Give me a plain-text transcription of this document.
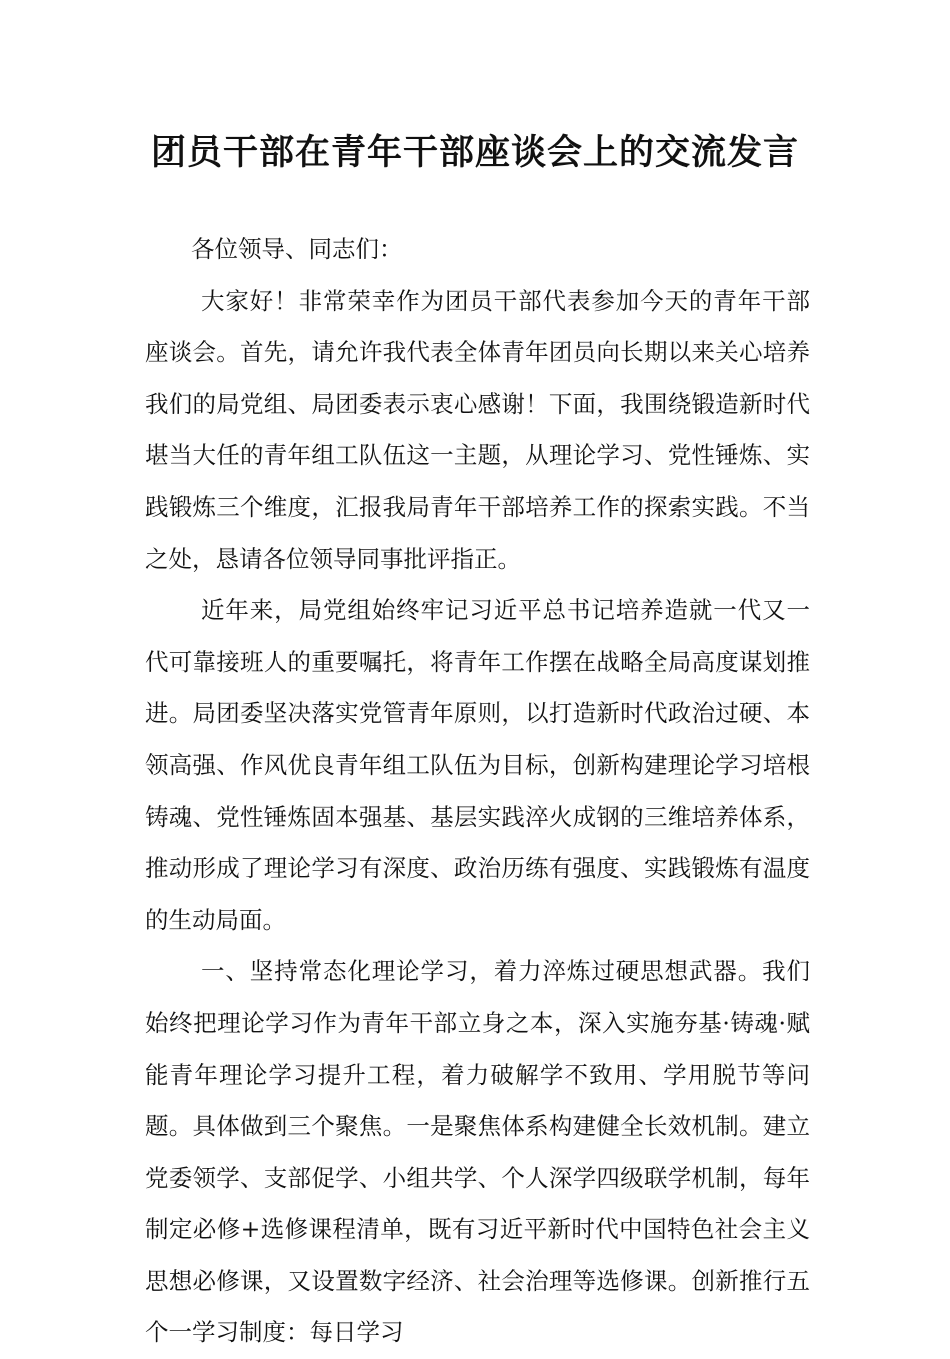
团员干部在青年干部座谈会上的交流发言

各位领导、同志们：

大家好！非常荣幸作为团员干部代表参加今天的青年干部座谈会。首先，请允许我代表全体青年团员向长期以来关心培养我们的局党组、局团委表示衷心感谢！下面，我围绕锻造新时代堪当大任的青年组工队伍这一主题，从理论学习、党性锤炼、实践锻炼三个维度，汇报我局青年干部培养工作的探索实践。不当之处，恳请各位领导同事批评指正。

近年来，局党组始终牢记习近平总书记培养造就一代又一代可靠接班人的重要嘱托，将青年工作摆在战略全局高度谋划推进。局团委坚决落实党管青年原则，以打造新时代政治过硬、本领高强、作风优良青年组工队伍为目标，创新构建理论学习培根铸魂、党性锤炼固本强基、基层实践淬火成钢的三维培养体系，推动形成了理论学习有深度、政治历练有强度、实践锻炼有温度的生动局面。

一、坚持常态化理论学习，着力淬炼过硬思想武器。我们始终把理论学习作为青年干部立身之本，深入实施夯基·铸魂·赋能青年理论学习提升工程，着力破解学不致用、学用脱节等问题。具体做到三个聚焦。一是聚焦体系构建健全长效机制。建立党委领学、支部促学、小组共学、个人深学四级联学机制，每年制定必修+选修课程清单，既有习近平新时代中国特色社会主义思想必修课，又设置数字经济、社会治理等选修课。创新推行五个一学习制度：每日学习
